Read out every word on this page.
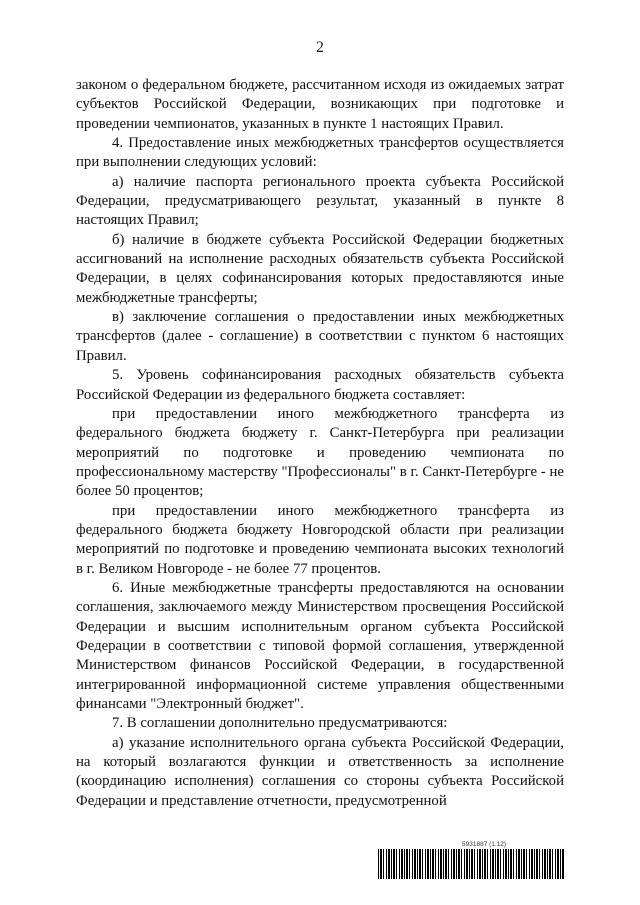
2

законом о федеральном бюджете, рассчитанном исходя из ожидаемых затрат субъектов Российской Федерации, возникающих при подготовке и проведении чемпионатов, указанных в пункте 1 настоящих Правил.

4. Предоставление иных межбюджетных трансфертов осуществляется при выполнении следующих условий:

а) наличие паспорта регионального проекта субъекта Российской Федерации, предусматривающего результат, указанный в пункте 8 настоящих Правил;

б) наличие в бюджете субъекта Российской Федерации бюджетных ассигнований на исполнение расходных обязательств субъекта Российской Федерации, в целях софинансирования которых предоставляются иные межбюджетные трансферты;

в) заключение соглашения о предоставлении иных межбюджетных трансфертов (далее - соглашение) в соответствии с пунктом 6 настоящих Правил.

5. Уровень софинансирования расходных обязательств субъекта Российской Федерации из федерального бюджета составляет:

при предоставлении иного межбюджетного трансферта из федерального бюджета бюджету г. Санкт-Петербурга при реализации мероприятий по подготовке и проведению чемпионата по профессиональному мастерству "Профессионалы" в г. Санкт-Петербурге - не более 50 процентов;

при предоставлении иного межбюджетного трансферта из федерального бюджета бюджету Новгородской области при реализации мероприятий по подготовке и проведению чемпионата высоких технологий в г. Великом Новгороде - не более 77 процентов.

6. Иные межбюджетные трансферты предоставляются на основании соглашения, заключаемого между Министерством просвещения Российской Федерации и высшим исполнительным органом субъекта Российской Федерации в соответствии с типовой формой соглашения, утвержденной Министерством финансов Российской Федерации, в государственной интегрированной информационной системе управления общественными финансами "Электронный бюджет".

7. В соглашении дополнительно предусматриваются:

а) указание исполнительного органа субъекта Российской Федерации, на который возлагаются функции и ответственность за исполнение (координацию исполнения) соглашения со стороны субъекта Российской Федерации и представление отчетности, предусмотренной

5931887 (1.12)
